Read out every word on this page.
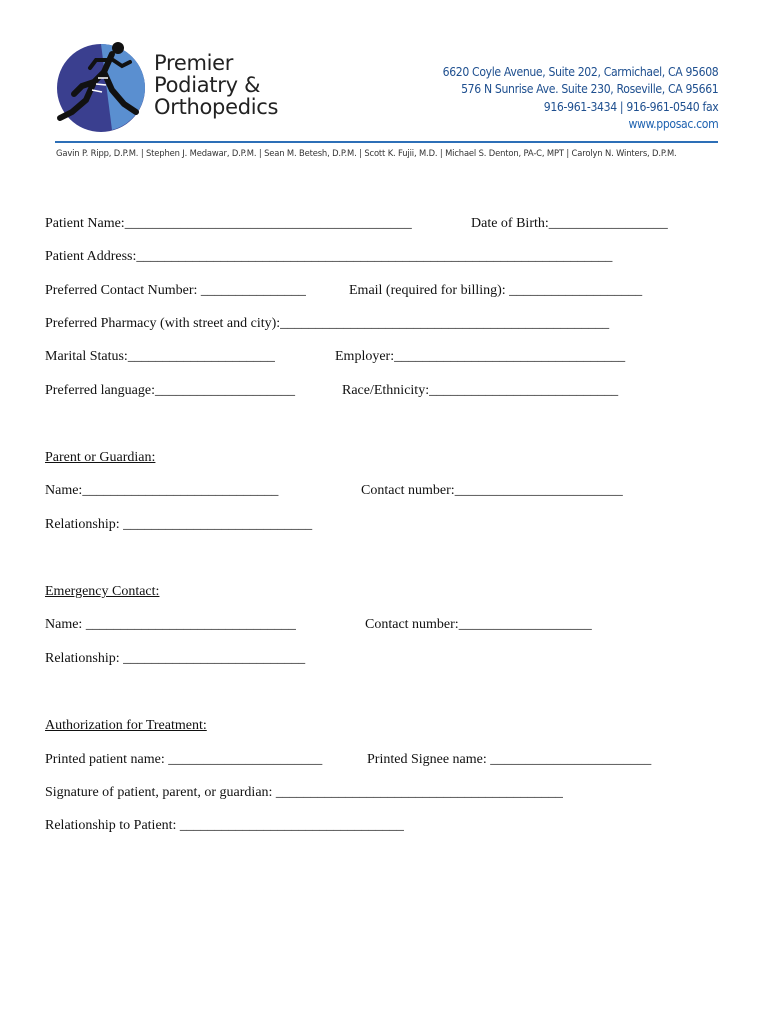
Premier
Podiatry &
Orthopedics
6620 Coyle Avenue, Suite 202, Carmichael, CA 95608
576 N Sunrise Ave. Suite 230, Roseville, CA 95661
916-961-3434 | 916-961-0540 fax
www.pposac.com
Gavin P. Ripp, D.P.M. | Stephen J. Medawar, D.P.M. | Sean M. Betesh, D.P.M. | Scott K. Fujii, M.D. | Michael S. Denton, PA-C, MPT | Carolyn N. Winters, D.P.M.
Patient Name:_________________________________________	Date of Birth:_________________
Patient Address:____________________________________________________________________
Preferred Contact Number: _______________	Email (required for billing): ___________________
Preferred Pharmacy (with street and city):_______________________________________________
Marital Status:_____________________	Employer:_________________________________
Preferred language:____________________	Race/Ethnicity:___________________________
Parent or Guardian:
Name:____________________________	Contact number:________________________
Relationship: ___________________________
Emergency Contact:
Name: ______________________________	Contact number:___________________
Relationship: __________________________
Authorization for Treatment:
Printed patient name: ______________________	Printed Signee name: _______________________
Signature of patient, parent, or guardian: _________________________________________
Relationship to Patient: ________________________________
